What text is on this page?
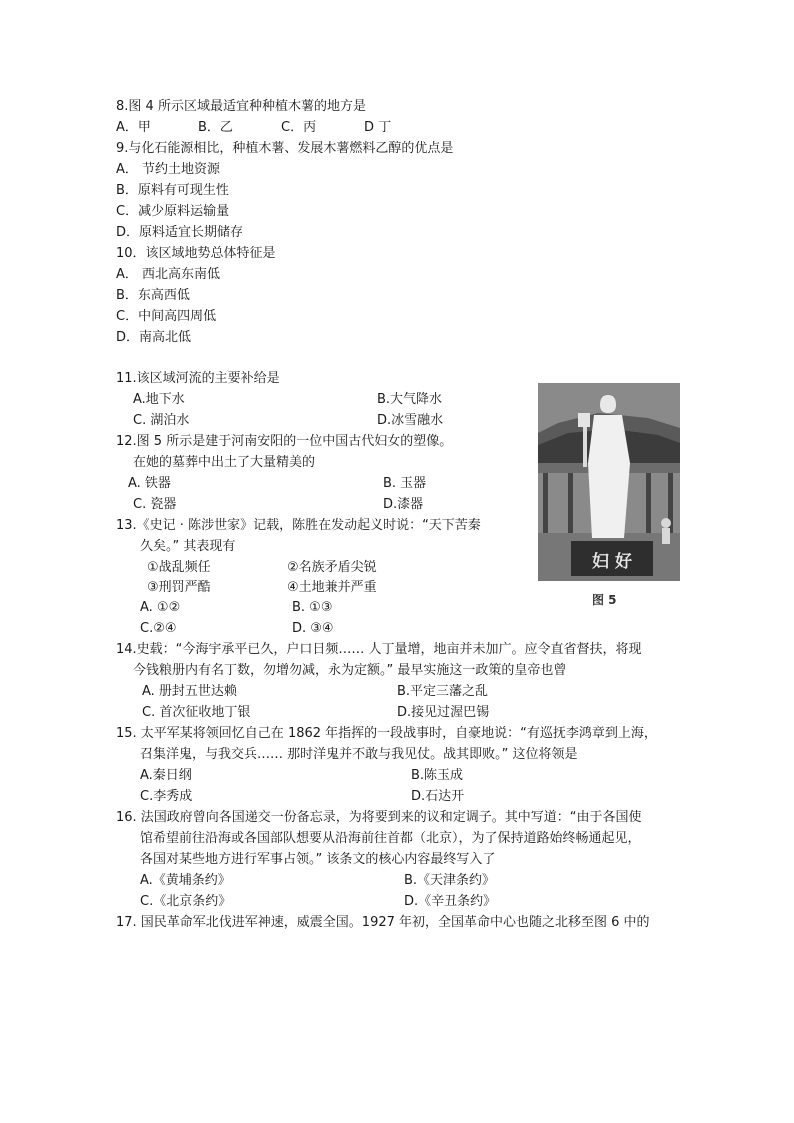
8.图 4 所示区域最适宜种种植木薯的地方是
A．甲	B．乙	C．丙	D 丁
9.与化石能源相比，种植木薯、发展木薯燃料乙醇的优点是
A． 节约土地资源
B．原料有可现生性
C．减少原料运输量
D．原料适宜长期储存
10．该区域地势总体特征是
A． 西北高东南低
B．东高西低
C．中间高四周低
D．南高北低
11.该区域河流的主要补给是
A.地下水	B.大气降水
C. 湖泊水	D.冰雪融水
12.图 5 所示是建于河南安阳的一位中国古代妇女的塑像。
在她的墓葬中出土了大量精美的
A. 铁器	B. 玉器
C. 瓷器	D.漆器
13.《史记 · 陈涉世家》记载，陈胜在发动起义时说：“天下苦秦
久矣。” 其表现有
①战乱频任	②名族矛盾尖锐
③刑罚严酷	④土地兼并严重
A. ①②	B. ①③
C.②④	D. ③④
妇 好
图 5
14.史载：“今海宇承平已久，户口日频…… 人丁量增，地亩并未加广。应令直省督扶，将现
今钱粮册内有名丁数，勿增勿减，永为定额。” 最早实施这一政策的皇帝也曾
A. 册封五世达赖	B.平定三藩之乱
C. 首次征收地丁银	D.接见过渥巴锡
15. 太平军某将领回忆自己在 1862 年指挥的一段战事时，自豪地说：“有巡抚李鸿章到上海，
召集洋鬼，与我交兵…… 那时洋鬼并不敢与我见仗。战其即败。” 这位将领是
A.秦日纲	B.陈玉成
C.李秀成	D.石达开
16. 法国政府曾向各国递交一份备忘录，为将要到来的议和定调子。其中写道：“由于各国使
馆希望前往沿海或各国部队想要从沿海前往首都（北京），为了保持道路始终畅通起见，
各国对某些地方进行军事占领。” 该条文的核心内容最终写入了
A.《黄埔条约》	B.《天津条约》
C.《北京条约》	D.《辛丑条约》
17. 国民革命军北伐进军神速，威震全国。1927 年初，全国革命中心也随之北移至图 6 中的
